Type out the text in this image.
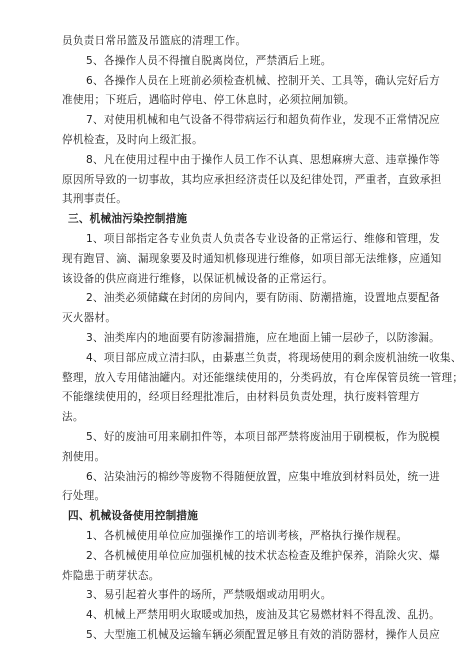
员负责日常吊篮及吊篮底的清理工作。
5、各操作人员不得擅自脱离岗位，严禁酒后上班。
6、各操作人员在上班前必须检查机械、控制开关、工具等，确认完好后方
准使用；下班后，遇临时停电、停工休息时，必须拉闸加锁。
7、对使用机械和电气设备不得带病运行和超负荷作业，发现不正常情况应
停机检查，及时向上级汇报。
8、凡在使用过程中由于操作人员工作不认真、思想麻痹大意、违章操作等
原因所导致的一切事故，其均应承担经济责任以及纪律处罚，严重者，直致承担
其刑事责任。
三、机械油污染控制措施
1、项目部指定各专业负责人负责各专业设备的正常运行、维修和管理，发
现有跑冒、滴、漏现象要及时通知机修现进行维修，如项目部无法维修，应通知
该设备的供应商进行维修，以保证机械设备的正常运行。
2、油类必须储藏在封闭的房间内，要有防雨、防潮措施，设置地点要配备
灭火器材。
3、油类库内的地面要有防渗漏措施，应在地面上铺一层砂子，以防渗漏。
4、项目部应成立清扫队，由綦惠兰负责，将现场使用的剩余废机油统一收集、
整理，放入专用储油罐内。对还能继续使用的，分类码放，有仓库保管员统一管理；
不能继续使用的，经项目经理批准后，由材料员负责处理，执行废料管理方
法。
5、好的废油可用来刷扣件等，本项目部严禁将废油用于刷模板，作为脱模
剂使用。
6、沾染油污的棉纱等废物不得随便放置，应集中堆放到材料员处，统一进
行处理。
四、机械设备使用控制措施
1、各机械使用单位应加强操作工的培训考核，严格执行操作规程。
2、各机械使用单位应加强机械的技术状态检查及维护保养，消除火灾、爆
炸隐患于萌芽状态。
3、易引起着火事件的场所，严禁吸烟或动用明火。
4、机械上严禁用明火取暖或加热，废油及其它易燃材料不得乱泼、乱扔。
5、大型施工机械及运输车辆必须配置足够且有效的消防器材，操作人员应
